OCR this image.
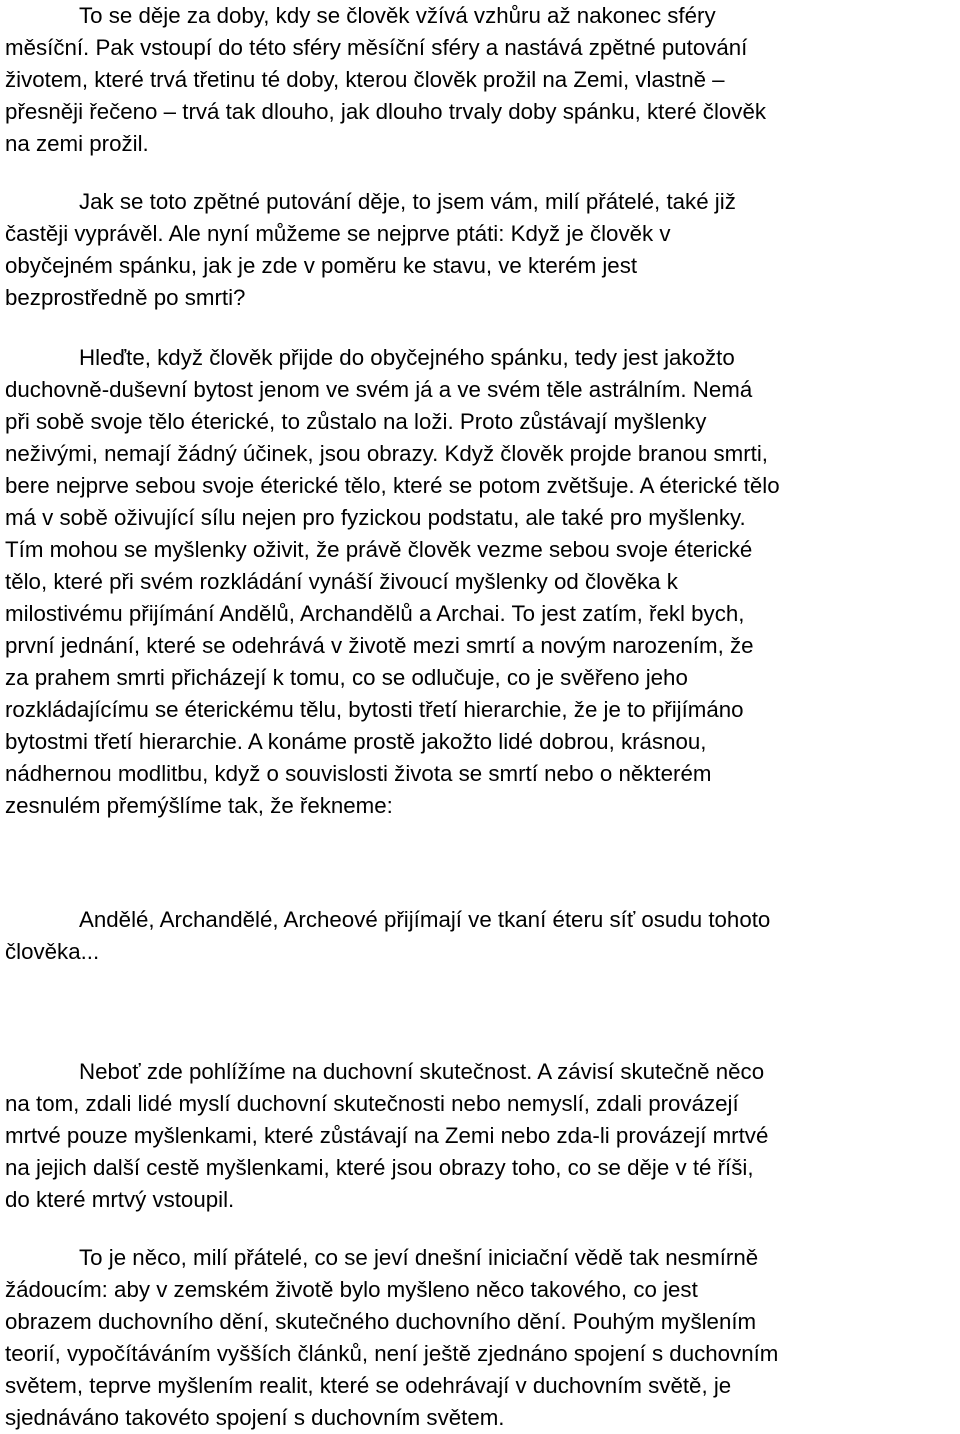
To se děje za doby, kdy se člověk vžívá vzhůru až nakonec sféry
měsíční. Pak vstoupí do této sféry měsíční sféry a nastává zpětné putování
životem, které trvá třetinu té doby, kterou člověk prožil na Zemi, vlastně –
přesněji řečeno – trvá tak dlouho, jak dlouho trvaly doby spánku, které člověk
na zemi prožil.
Jak se toto zpětné putování děje, to jsem vám, milí přátelé, také již
častěji vyprávěl. Ale nyní můžeme se nejprve ptáti: Když je člověk v
obyčejném spánku, jak je zde v poměru ke stavu, ve kterém jest
bezprostředně po smrti?
Hleďte, když člověk přijde do obyčejného spánku, tedy jest jakožto
duchovně-duševní bytost jenom ve svém já a ve svém těle astrálním. Nemá
při sobě svoje tělo éterické, to zůstalo na loži. Proto zůstávají myšlenky
neživými, nemají žádný účinek, jsou obrazy. Když člověk projde branou smrti,
bere nejprve sebou svoje éterické tělo, které se potom zvětšuje. A éterické tělo
má v sobě oživující sílu nejen pro fyzickou podstatu, ale také pro myšlenky.
Tím mohou se myšlenky oživit, že právě člověk vezme sebou svoje éterické
tělo, které při svém rozkládání vynáší živoucí myšlenky od člověka k
milostivému přijímání Andělů, Archandělů a Archai. To jest zatím, řekl bych,
první jednání, které se odehrává v životě mezi smrtí a novým narozením, že
za prahem smrti přicházejí k tomu, co se odlučuje, co je svěřeno jeho
rozkládajícímu se éterickému tělu, bytosti třetí hierarchie, že je to přijímáno
bytostmi třetí hierarchie. A konáme prostě jakožto lidé dobrou, krásnou,
nádhernou modlitbu, když o souvislosti života se smrtí nebo o některém
zesnulém přemýšlíme tak, že řekneme:
Andělé, Archandělé, Archeové přijímají ve tkaní éteru síť osudu tohoto
člověka...
Neboť zde pohlížíme na duchovní skutečnost. A závisí skutečně něco
na tom, zdali lidé myslí duchovní skutečnosti nebo nemyslí, zdali provázejí
mrtvé pouze myšlenkami, které zůstávají na Zemi nebo zda-li provázejí mrtvé
na jejich další cestě myšlenkami, které jsou obrazy toho, co se děje v té říši,
do které mrtvý vstoupil.
To je něco, milí přátelé, co se jeví dnešní iniciační vědě tak nesmírně
žádoucím: aby v zemském životě bylo myšleno něco takového, co jest
obrazem duchovního dění, skutečného duchovního dění. Pouhým myšlením
teorií, vypočítáváním vyšších článků, není ještě zjednáno spojení s duchovním
světem, teprve myšlením realit, které se odehrávají v duchovním světě, je
sjednáváno takovéto spojení s duchovním světem.
